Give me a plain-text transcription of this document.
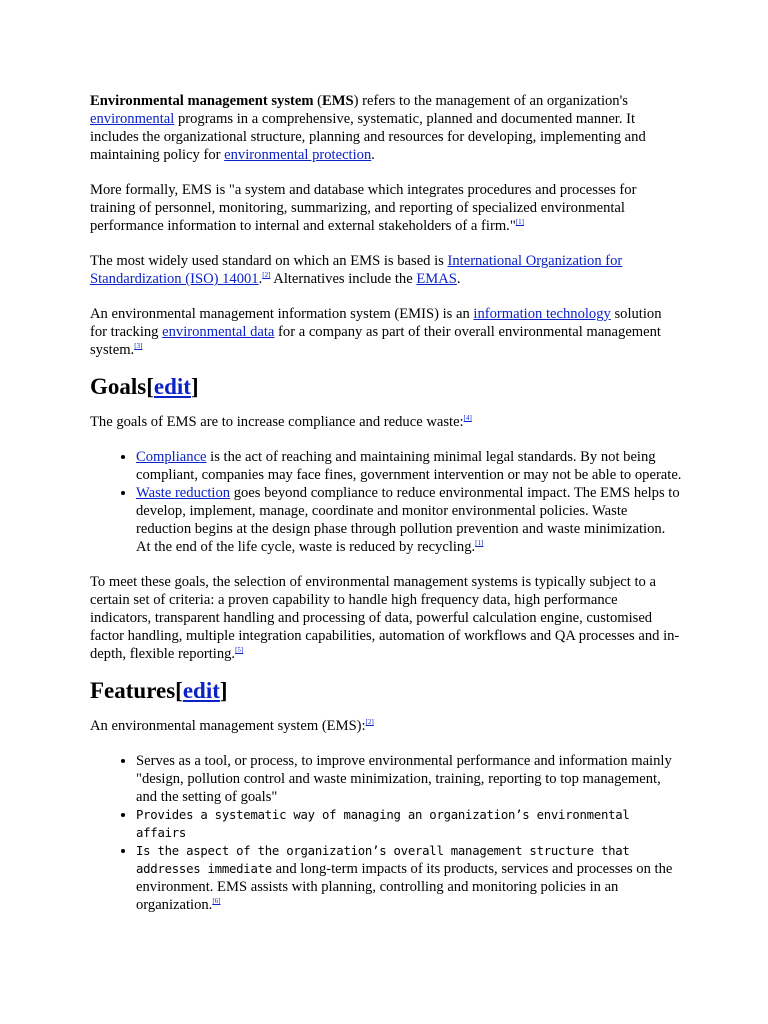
Environmental management system (EMS) refers to the management of an organization's environmental programs in a comprehensive, systematic, planned and documented manner. It includes the organizational structure, planning and resources for developing, implementing and maintaining policy for environmental protection.

More formally, EMS is "a system and database which integrates procedures and processes for training of personnel, monitoring, summarizing, and reporting of specialized environmental performance information to internal and external stakeholders of a firm."[1]

The most widely used standard on which an EMS is based is International Organization for Standardization (ISO) 14001.[2] Alternatives include the EMAS.

An environmental management information system (EMIS) is an information technology solution for tracking environmental data for a company as part of their overall environmental management system.[3]

Goals[edit]

The goals of EMS are to increase compliance and reduce waste:[4]

• Compliance is the act of reaching and maintaining minimal legal standards. By not being compliant, companies may face fines, government intervention or may not be able to operate.
• Waste reduction goes beyond compliance to reduce environmental impact. The EMS helps to develop, implement, manage, coordinate and monitor environmental policies. Waste reduction begins at the design phase through pollution prevention and waste minimization. At the end of the life cycle, waste is reduced by recycling.[1]

To meet these goals, the selection of environmental management systems is typically subject to a certain set of criteria: a proven capability to handle high frequency data, high performance indicators, transparent handling and processing of data, powerful calculation engine, customised factor handling, multiple integration capabilities, automation of workflows and QA processes and in-depth, flexible reporting.[5]

Features[edit]

An environmental management system (EMS):[2]

• Serves as a tool, or process, to improve environmental performance and information mainly "design, pollution control and waste minimization, training, reporting to top management, and the setting of goals"
• Provides a systematic way of managing an organization’s environmental affairs
• Is the aspect of the organization’s overall management structure that addresses immediate and long-term impacts of its products, services and processes on the environment. EMS assists with planning, controlling and monitoring policies in an organization.[6]
